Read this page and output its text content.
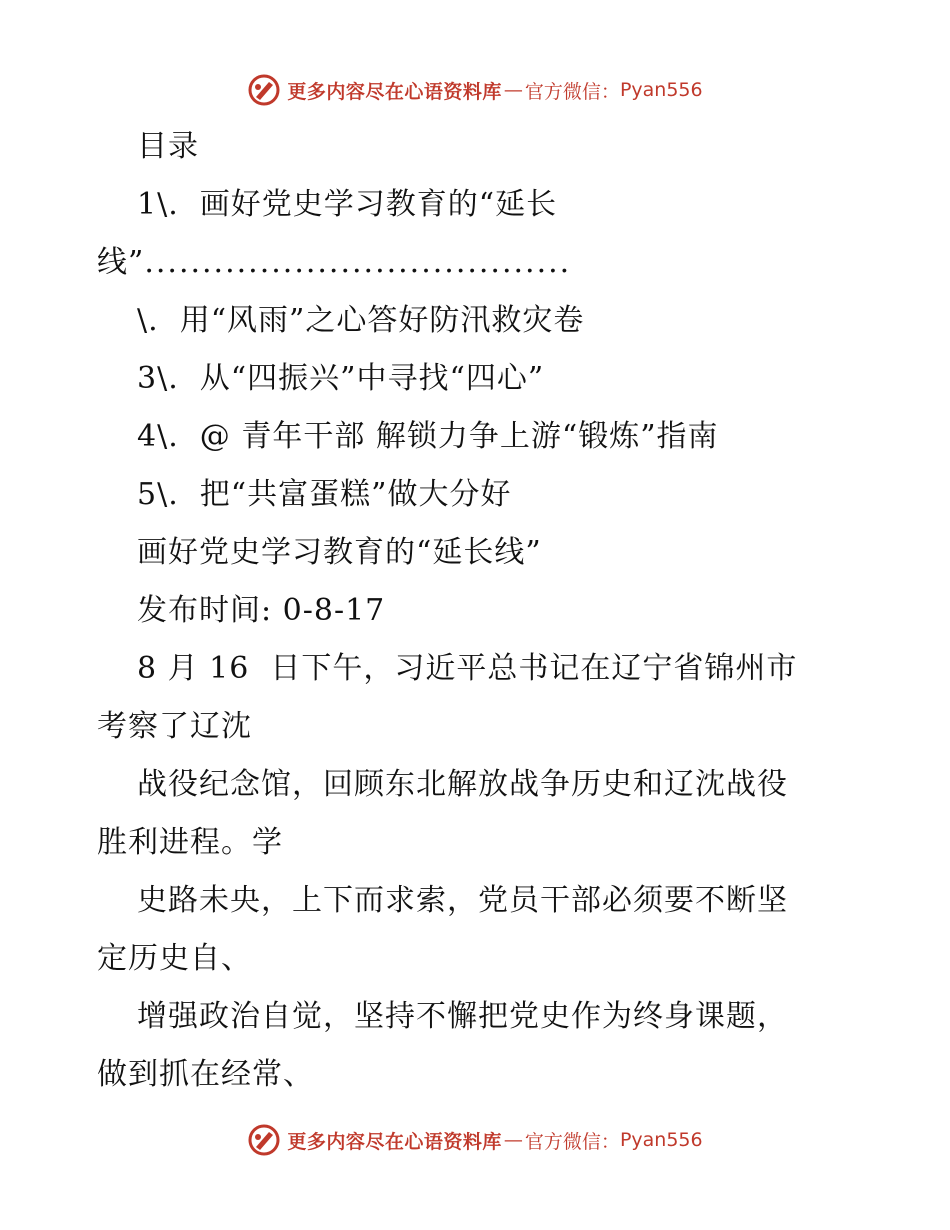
更多内容尽在心语资料库 — 官方微信： Pyan556
目录
1\.  画好党史学习教育的“延长
线”.....................................
\.  用“风雨”之心答好防汛救灾卷
3\.  从“四振兴”中寻找“四心”
4\.  @ 青年干部 解锁力争上游“锻炼”指南
5\.  把“共富蛋糕”做大分好
画好党史学习教育的“延长线”
发布时间: 0-8-17
8 月 16  日下午，习近平总书记在辽宁省锦州市
考察了辽沈
战役纪念馆，回顾东北解放战争历史和辽沈战役
胜利进程。学
史路未央，上下而求索，党员干部必须要不断坚
定历史自、
增强政治自觉，坚持不懈把党史作为终身课题，
做到抓在经常、
更多内容尽在心语资料库 — 官方微信： Pyan556
